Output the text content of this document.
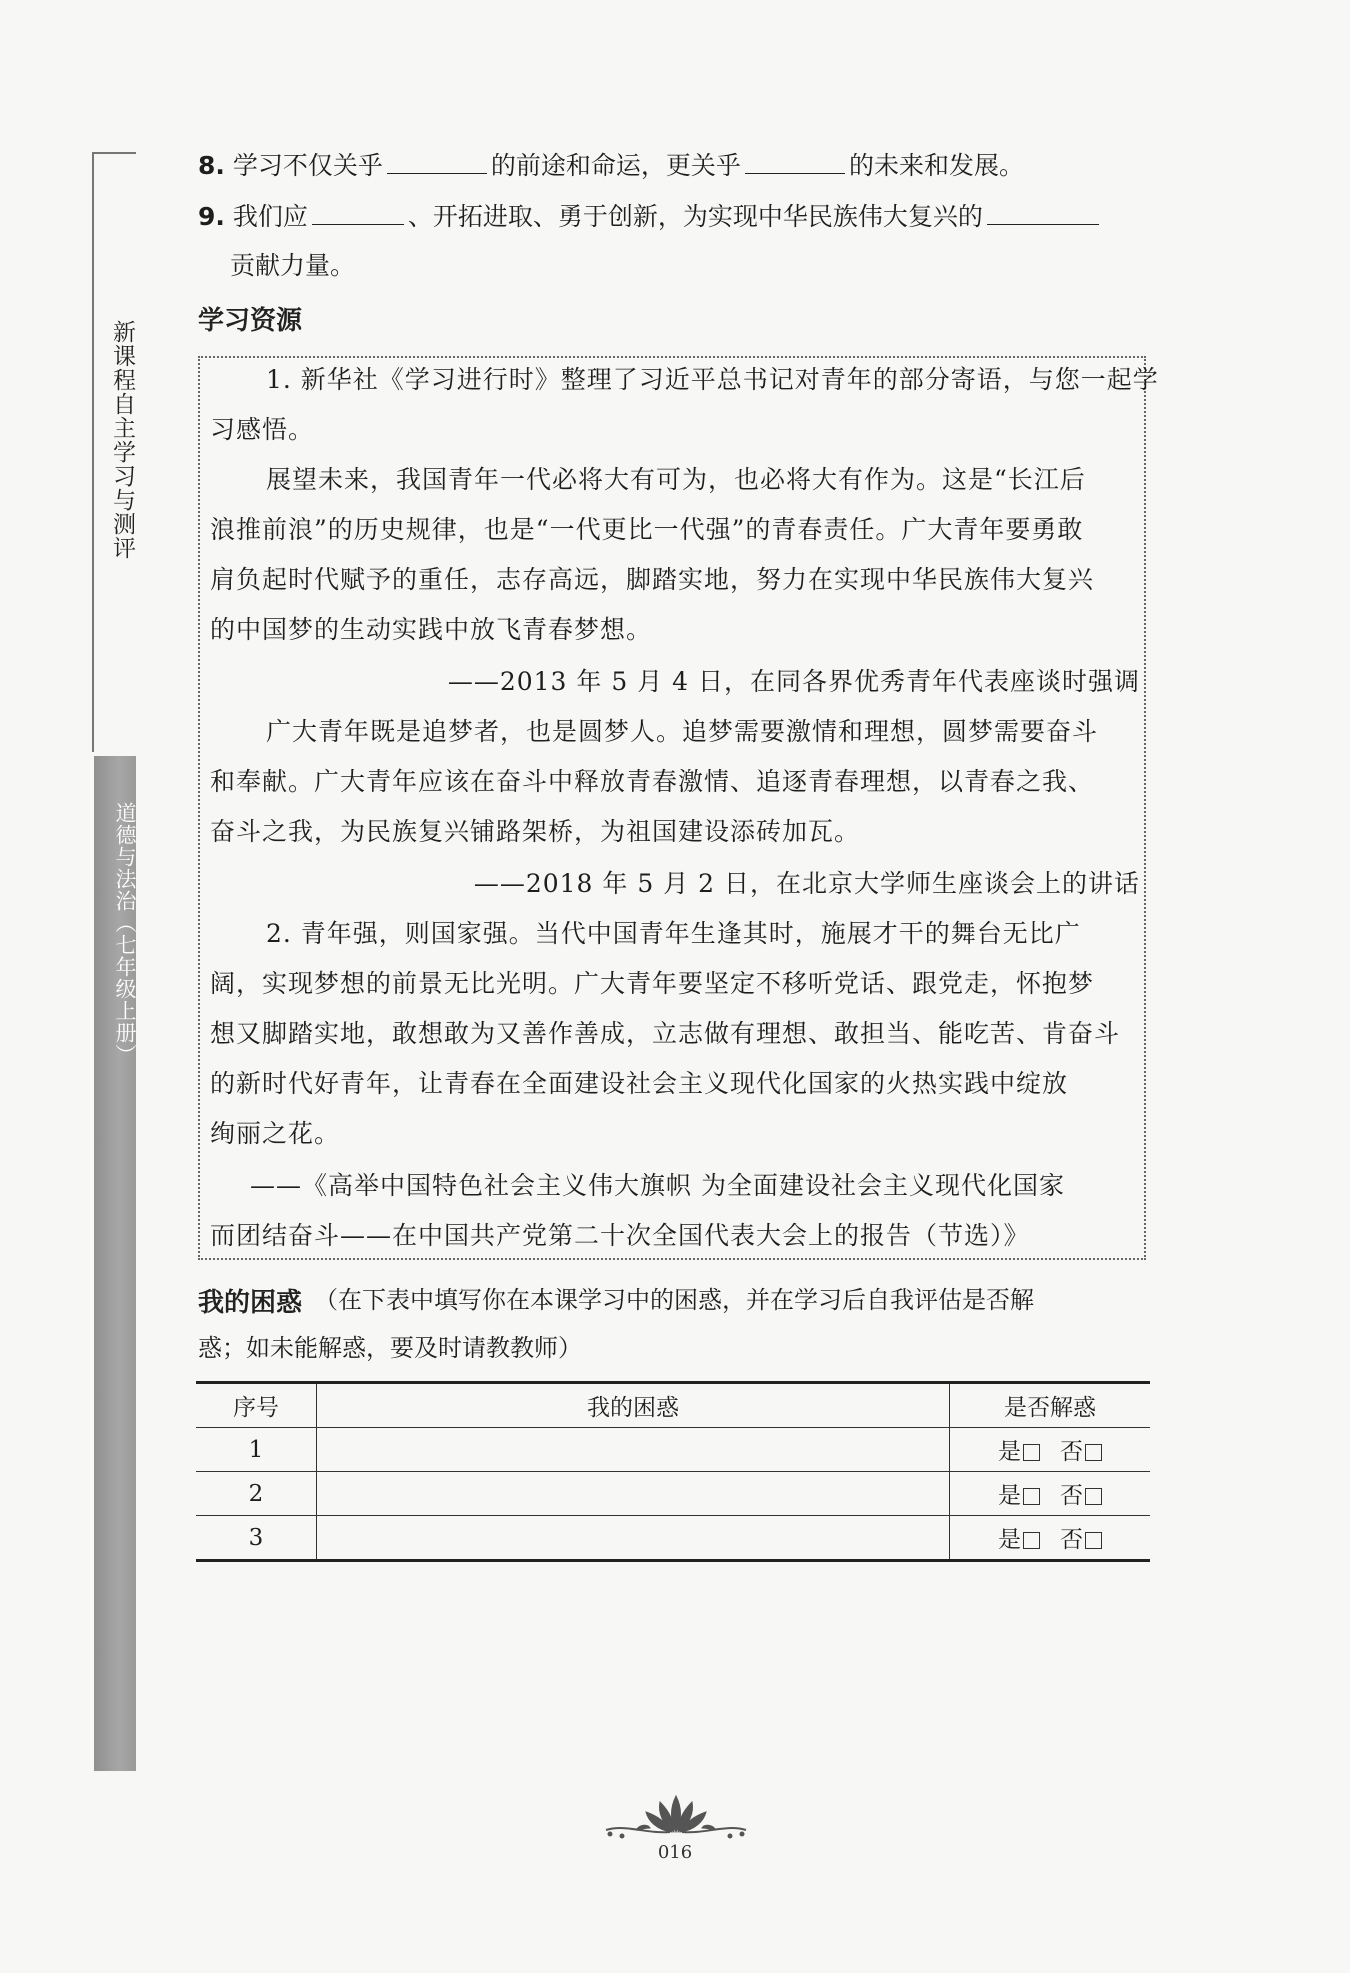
新课程自主学习与测评
道德与法治（七年级上册）
8. 学习不仅关乎	的前途和命运，更关乎	的未来和发展。
9. 我们应	、开拓进取、勇于创新，为实现中华民族伟大复兴的
贡献力量。
学习资源
1. 新华社《学习进行时》整理了习近平总书记对青年的部分寄语，与您一起学
习感悟。
展望未来，我国青年一代必将大有可为，也必将大有作为。这是“长江后
浪推前浪”的历史规律，也是“一代更比一代强”的青春责任。广大青年要勇敢
肩负起时代赋予的重任，志存高远，脚踏实地，努力在实现中华民族伟大复兴
的中国梦的生动实践中放飞青春梦想。
——2013 年 5 月 4 日，在同各界优秀青年代表座谈时强调
广大青年既是追梦者，也是圆梦人。追梦需要激情和理想，圆梦需要奋斗
和奉献。广大青年应该在奋斗中释放青春激情、追逐青春理想，以青春之我、
奋斗之我，为民族复兴铺路架桥，为祖国建设添砖加瓦。
——2018 年 5 月 2 日，在北京大学师生座谈会上的讲话
2. 青年强，则国家强。当代中国青年生逢其时，施展才干的舞台无比广
阔，实现梦想的前景无比光明。广大青年要坚定不移听党话、跟党走，怀抱梦
想又脚踏实地，敢想敢为又善作善成，立志做有理想、敢担当、能吃苦、肯奋斗
的新时代好青年，让青春在全面建设社会主义现代化国家的火热实践中绽放
绚丽之花。
——《高举中国特色社会主义伟大旗帜 为全面建设社会主义现代化国家
而团结奋斗——在中国共产党第二十次全国代表大会上的报告（节选）》
我的困惑 （在下表中填写你在本课学习中的困惑，并在学习后自我评估是否解
惑；如未能解惑，要及时请教教师）
序号	我的困惑	是否解惑
1		是 否
2		是 否
3		是 否
016
